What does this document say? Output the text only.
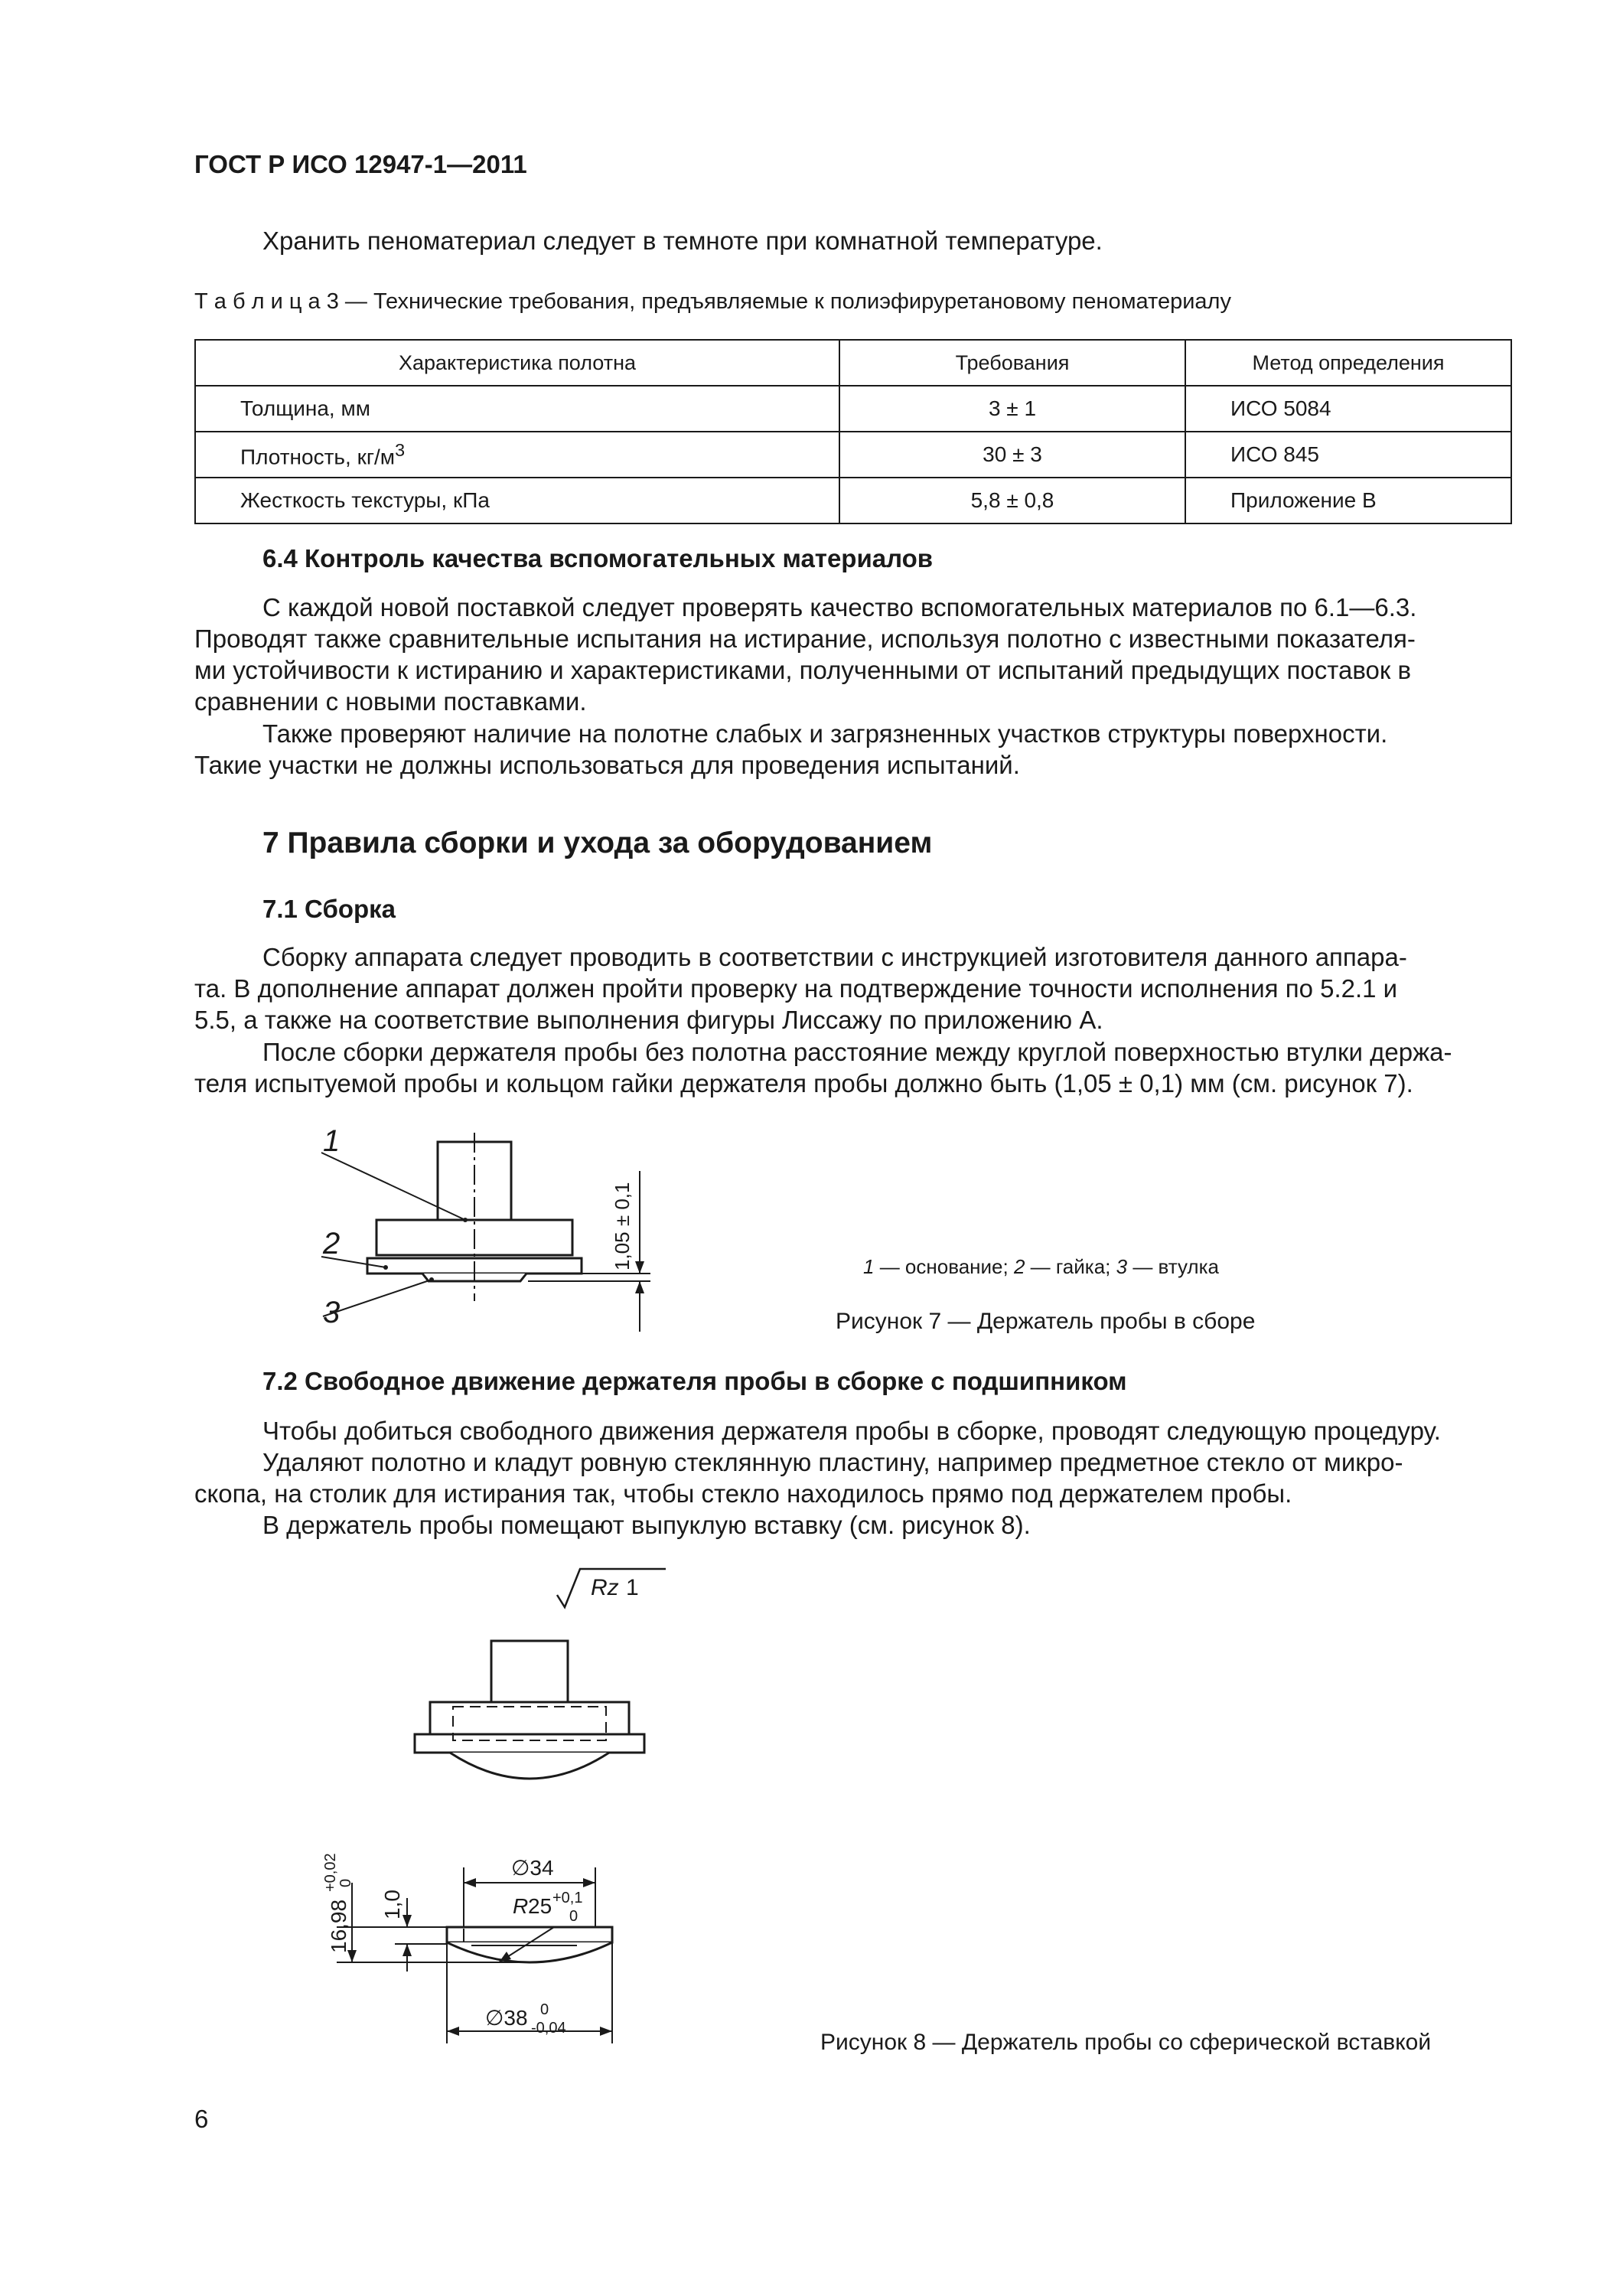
ГОСТ Р ИСО 12947-1—2011
Хранить пеноматериал следует в темноте при комнатной температуре.
Т а б л и ц а 3 — Технические требования, предъявляемые к полиэфируретановому пеноматериалу
Характеристика полотна	Требования	Метод определения
Толщина, мм	3 ± 1	ИСО 5084
Плотность, $кг/м^3$	30 ± 3	ИСО 845
Жесткость текстуры, кПа	5,8 ± 0,8	Приложение В
6.4 Контроль качества вспомогательных материалов
С каждой новой поставкой следует проверять качество вспомогательных материалов по 6.1—6.3.
Проводят также сравнительные испытания на истирание, используя полотно с известными показателя-
ми устойчивости к истиранию и характеристиками, полученными от испытаний предыдущих поставок в
сравнении с новыми поставками.
Также проверяют наличие на полотне слабых и загрязненных участков структуры поверхности.
Такие участки не должны использоваться для проведения испытаний.
7 Правила сборки и ухода за оборудованием
7.1 Сборка
Сборку аппарата следует проводить в соответствии с инструкцией изготовителя данного аппара-
та. В дополнение аппарат должен пройти проверку на подтверждение точности исполнения по 5.2.1 и
5.5, а также на соответствие выполнения фигуры Лиссажу по приложению А.
После сборки держателя пробы без полотна расстояние между круглой поверхностью втулки держа-
теля испытуемой пробы и кольцом гайки держателя пробы должно быть (1,05 ± 0,1) мм (см. рисунок 7).
1
2
3
1,05 ± 0,1	1 — основание; 2 — гайка; 3 — втулка
Рисунок 7 — Держатель пробы в сборе
7.2 Свободное движение держателя пробы в сборке с подшипником
Чтобы добиться свободного движения держателя пробы в сборке, проводят следующую процедуру.
Удаляют полотно и кладут ровную стеклянную пластину, например предметное стекло от микро-
скопа, на столик для истирания так, чтобы стекло находилось прямо под держателем пробы.
В держатель пробы помещают выпуклую вставку (см. рисунок 8).
Rz 1
∅34
R 25 +0,1
0
∅38 0
-0,04
16,98
+0,02
0
1,0
Рисунок 8 — Держатель пробы со сферической вставкой
6
